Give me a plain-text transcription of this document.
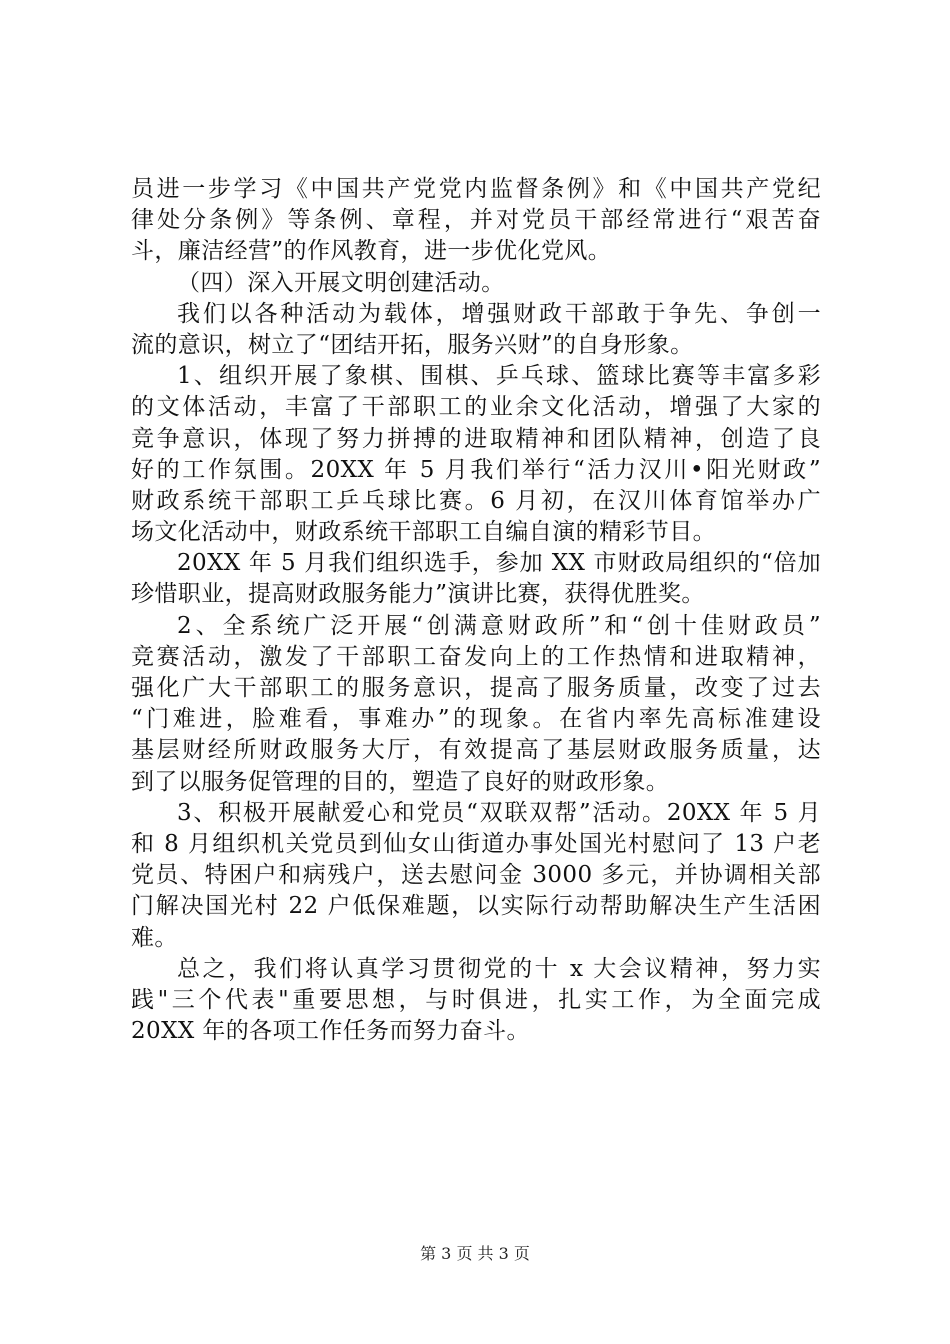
员进一步学习《中国共产党党内监督条例》和《中国共产党纪
律处分条例》等条例、章程，并对党员干部经常进行“艰苦奋
斗，廉洁经营”的作风教育，进一步优化党风。
（四）深入开展文明创建活动。
我们以各种活动为载体，增强财政干部敢于争先、争创一
流的意识，树立了“团结开拓，服务兴财”的自身形象。
1、组织开展了象棋、围棋、乒乓球、篮球比赛等丰富多彩
的文体活动，丰富了干部职工的业余文化活动，增强了大家的
竞争意识，体现了努力拼搏的进取精神和团队精神，创造了良
好的工作氛围。20XX 年 5 月我们举行“活力汉川•阳光财政”
财政系统干部职工乒乓球比赛。6 月初，在汉川体育馆举办广
场文化活动中，财政系统干部职工自编自演的精彩节目。
20XX 年 5 月我们组织选手，参加 XX 市财政局组织的“倍加
珍惜职业，提高财政服务能力”演讲比赛，获得优胜奖。
2、全系统广泛开展“创满意财政所”和“创十佳财政员”
竞赛活动，激发了干部职工奋发向上的工作热情和进取精神，
强化广大干部职工的服务意识，提高了服务质量，改变了过去
“门难进，脸难看，事难办”的现象。在省内率先高标准建设
基层财经所财政服务大厅，有效提高了基层财政服务质量，达
到了以服务促管理的目的，塑造了良好的财政形象。
3、积极开展献爱心和党员“双联双帮”活动。20XX 年 5 月
和 8 月组织机关党员到仙女山街道办事处国光村慰问了 13 户老
党员、特困户和病残户，送去慰问金 3000 多元，并协调相关部
门解决国光村 22 户低保难题，以实际行动帮助解决生产生活困
难。
总之，我们将认真学习贯彻党的十 x 大会议精神，努力实
践"三个代表"重要思想，与时俱进，扎实工作，为全面完成
20XX 年的各项工作任务而努力奋斗。
第 3 页 共 3 页
